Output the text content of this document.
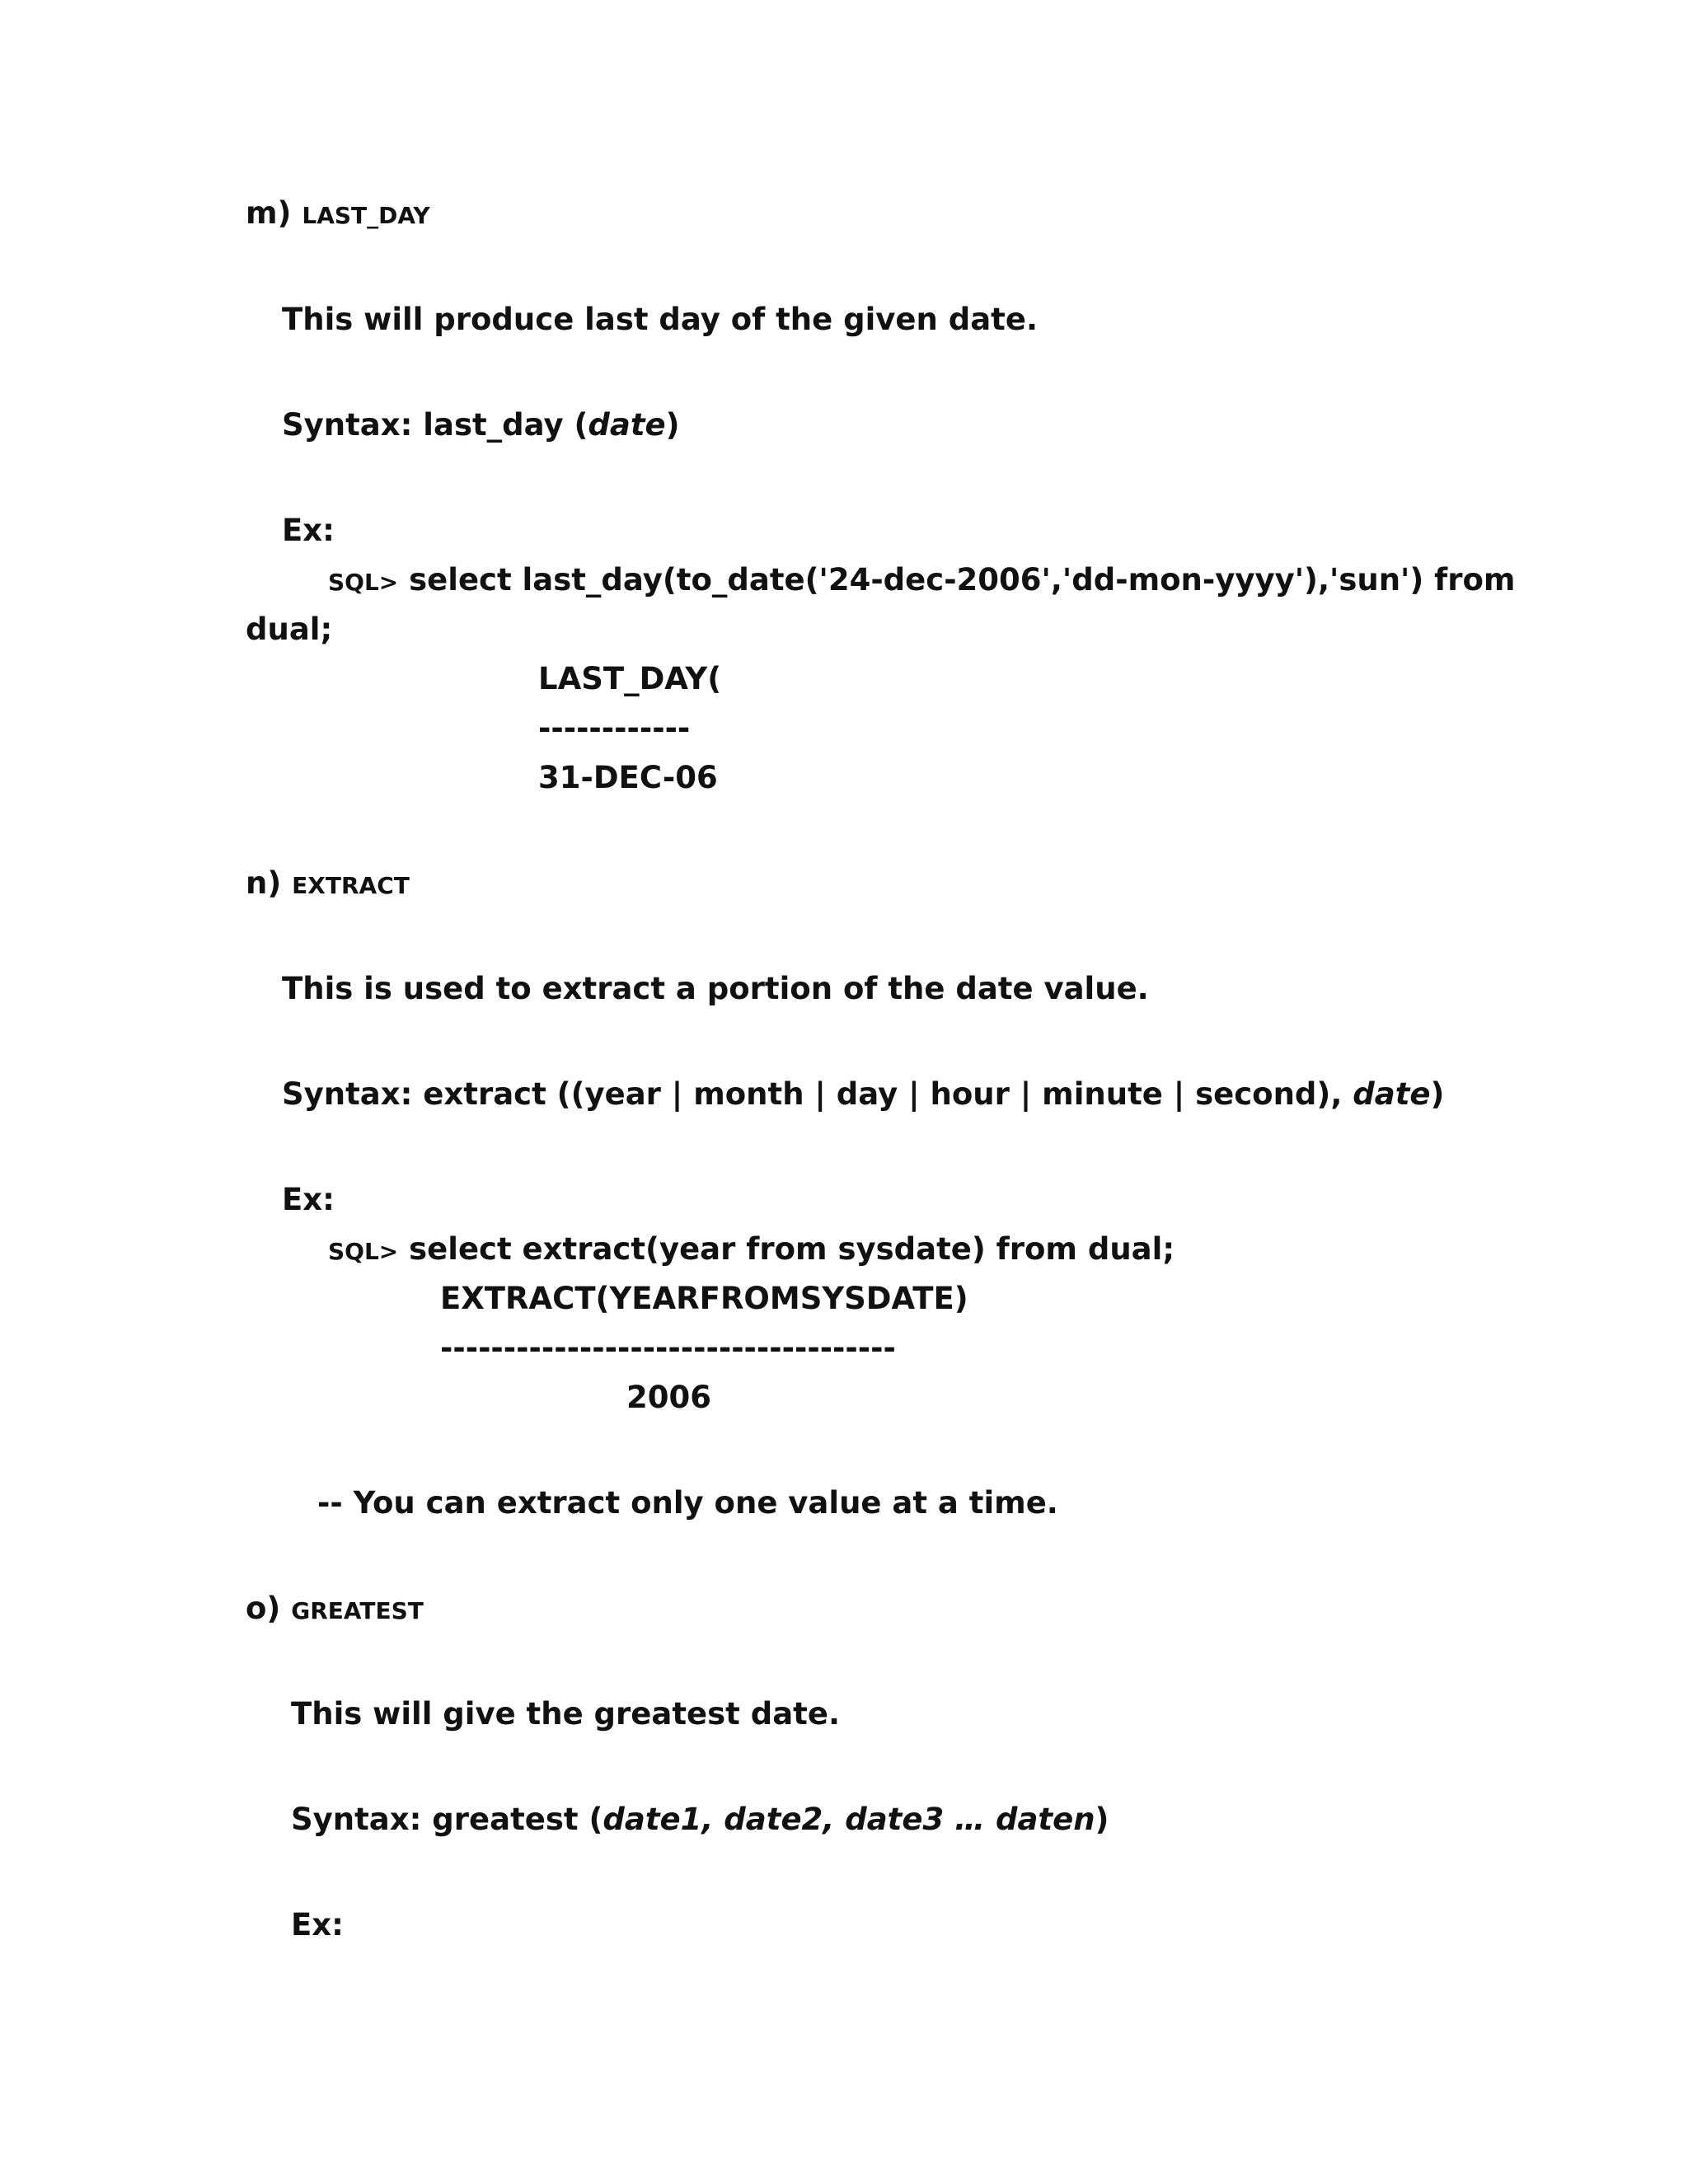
m) LAST_DAY
This will produce last day of the given date.
Syntax: last_day (date)
Ex:
SQL> select last_day(to_date('24-dec-2006','dd-mon-yyyy'),'sun') from
dual;
LAST_DAY(
------------
31-DEC-06
n) EXTRACT
This is used to extract a portion of the date value.
Syntax: extract ((year | month | day | hour | minute | second), date)
Ex:
SQL> select extract(year from sysdate) from dual;
EXTRACT(YEARFROMSYSDATE)
------------------------------------
2006
-- You can extract only one value at a time.
o) GREATEST
This will give the greatest date.
Syntax: greatest (date1, date2, date3 … daten)
Ex:
